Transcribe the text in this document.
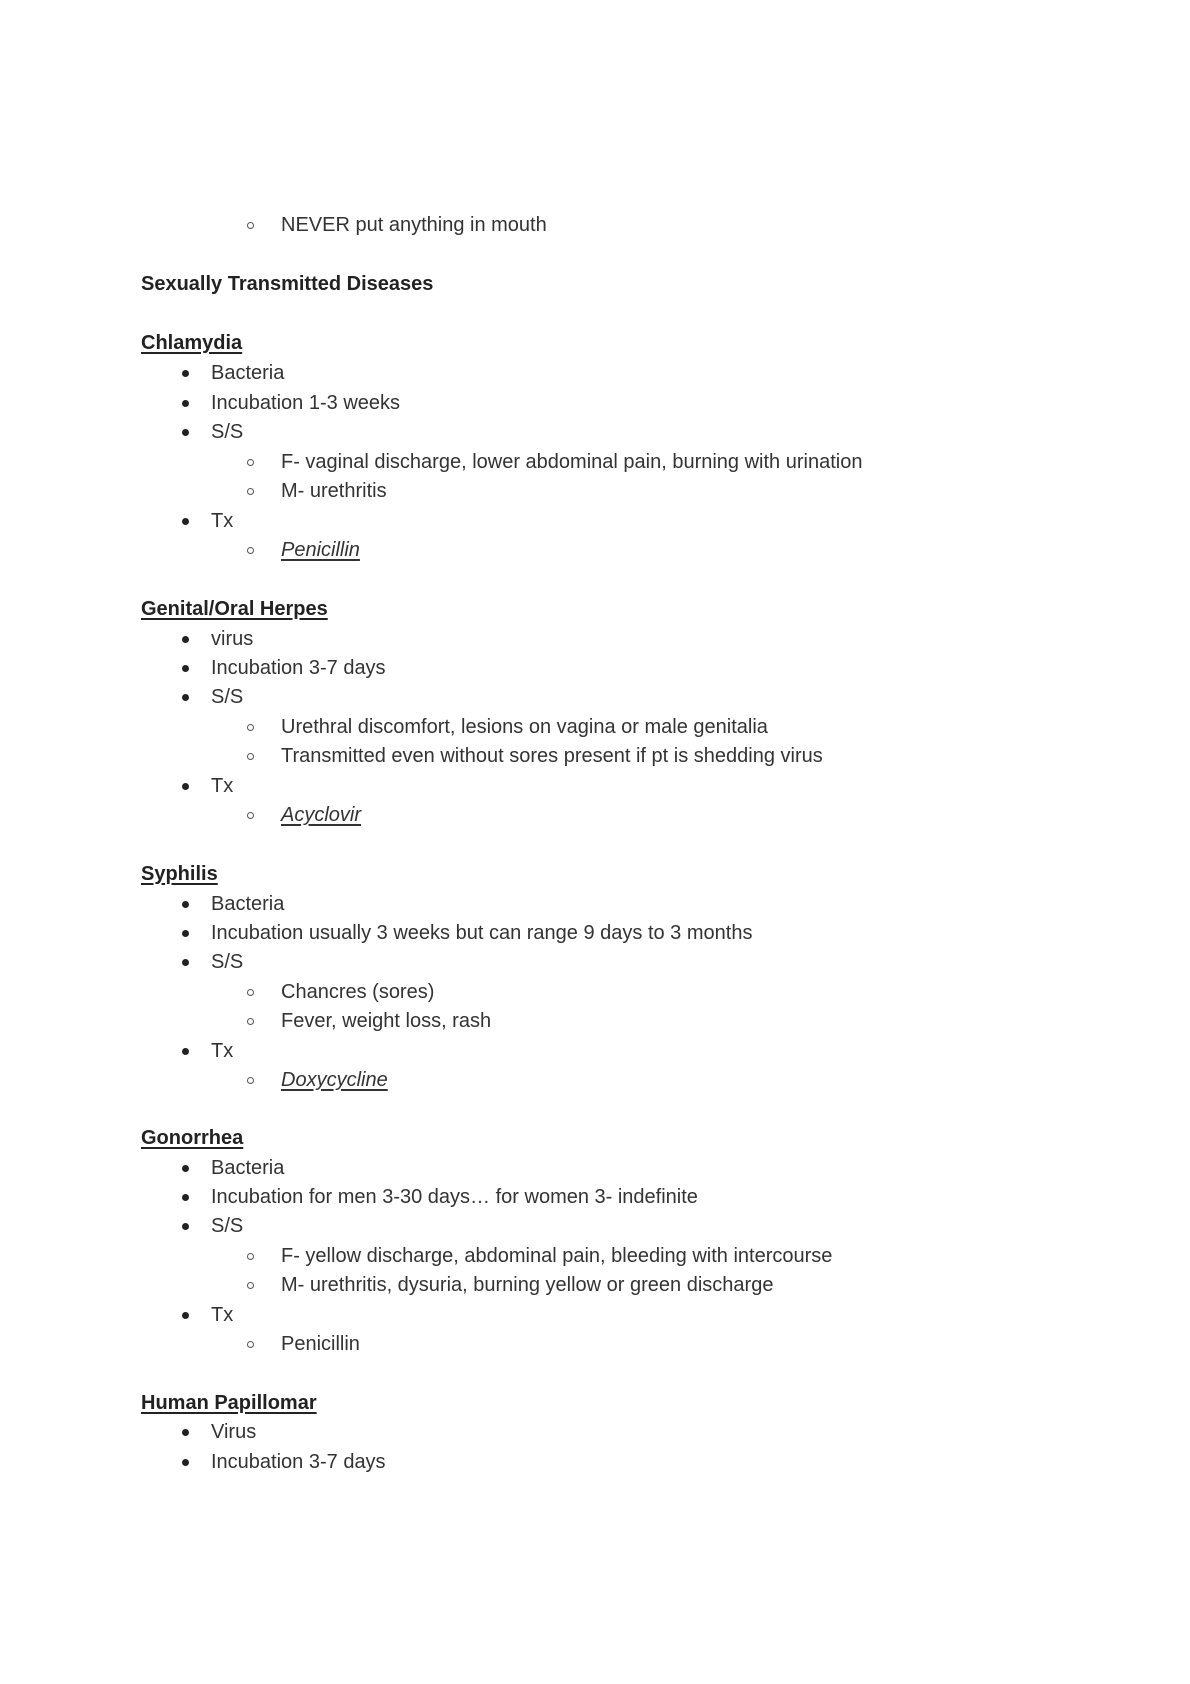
NEVER put anything in mouth
Sexually Transmitted Diseases
Chlamydia
Bacteria
Incubation 1-3 weeks
S/S
F- vaginal discharge, lower abdominal pain, burning with urination
M- urethritis
Tx
Penicillin
Genital/Oral Herpes
virus
Incubation 3-7 days
S/S
Urethral discomfort, lesions on vagina or male genitalia
Transmitted even without sores present if pt is shedding virus
Tx
Acyclovir
Syphilis
Bacteria
Incubation usually 3 weeks but can range 9 days to 3 months
S/S
Chancres (sores)
Fever, weight loss, rash
Tx
Doxycycline
Gonorrhea
Bacteria
Incubation for men 3-30 days… for women 3- indefinite
S/S
F- yellow discharge, abdominal pain, bleeding with intercourse
M- urethritis, dysuria, burning yellow or green discharge
Tx
Penicillin
Human Papillomar
Virus
Incubation 3-7 days
